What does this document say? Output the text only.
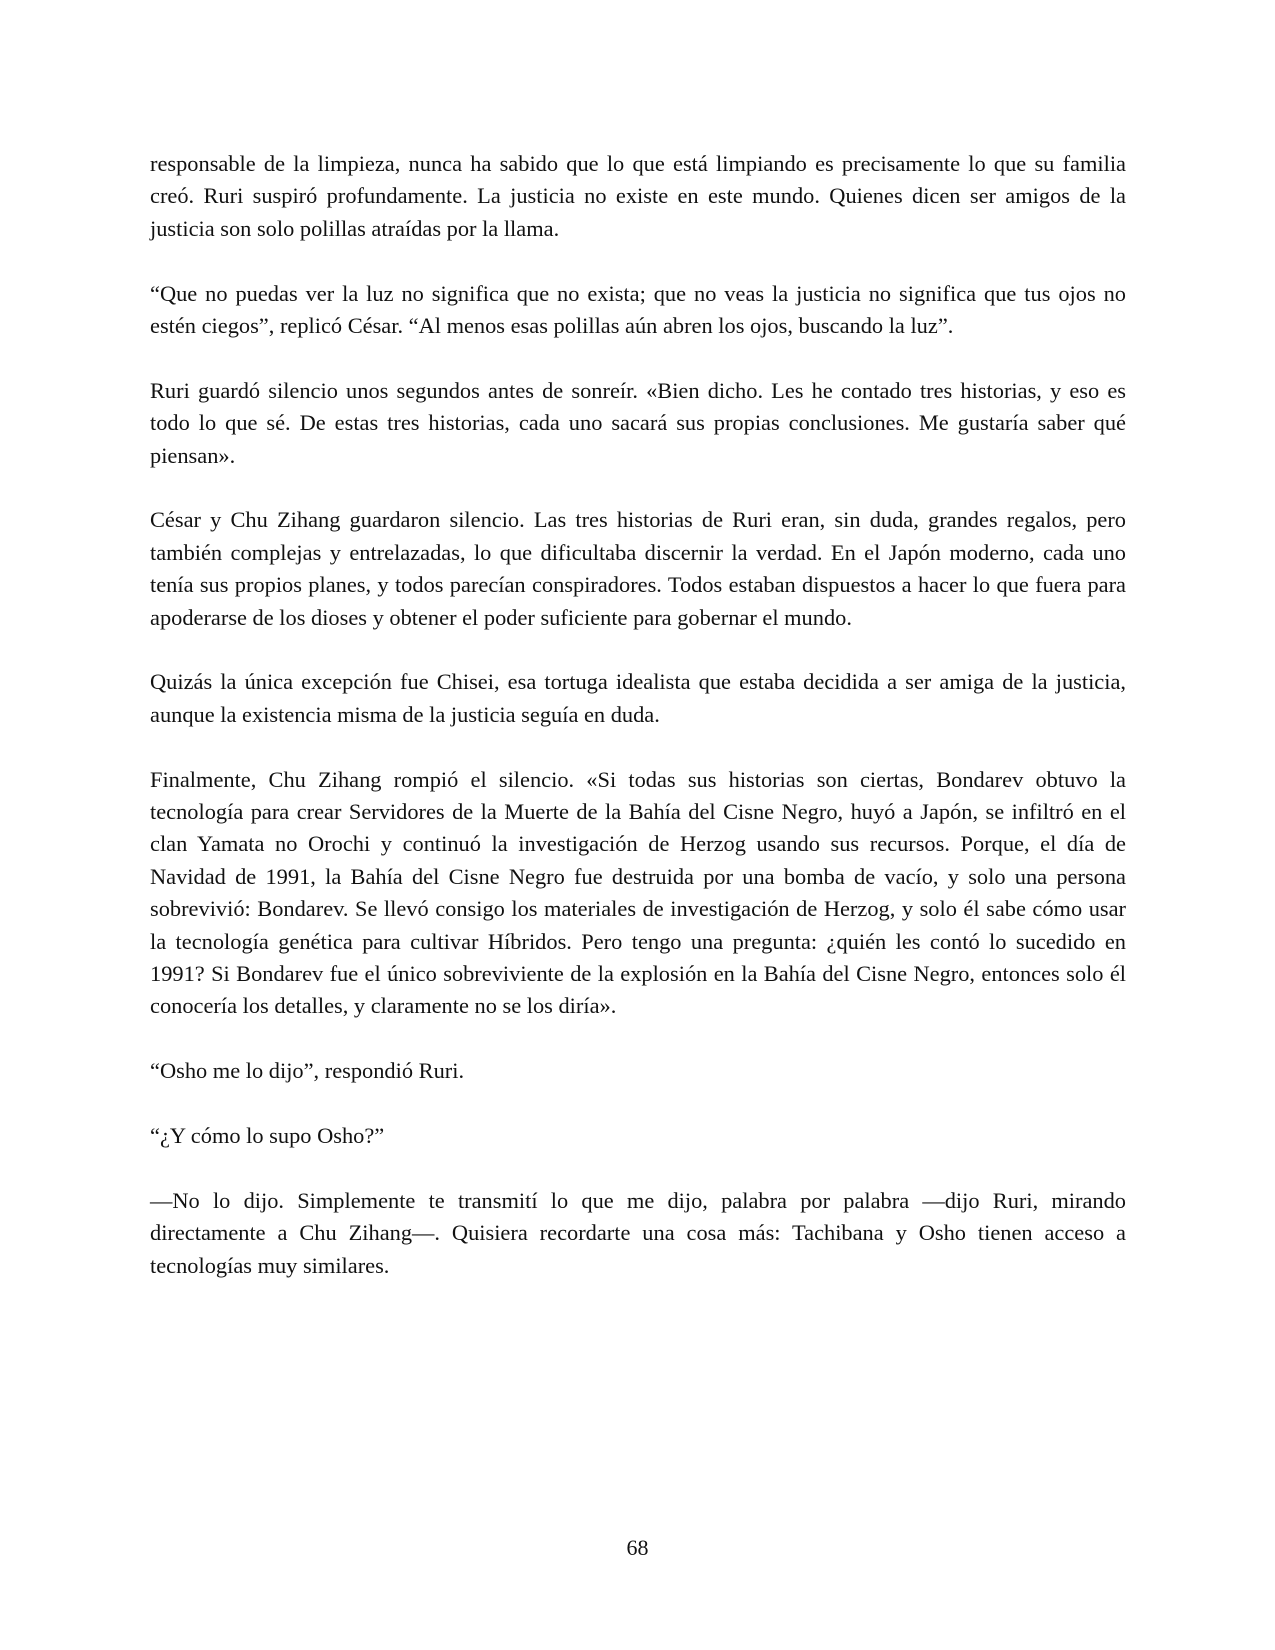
responsable de la limpieza, nunca ha sabido que lo que está limpiando es precisamente lo que su familia creó. Ruri suspiró profundamente. La justicia no existe en este mundo. Quienes dicen ser amigos de la justicia son solo polillas atraídas por la llama.

“Que no puedas ver la luz no significa que no exista; que no veas la justicia no significa que tus ojos no estén ciegos”, replicó César. “Al menos esas polillas aún abren los ojos, buscando la luz”.

Ruri guardó silencio unos segundos antes de sonreír. «Bien dicho. Les he contado tres historias, y eso es todo lo que sé. De estas tres historias, cada uno sacará sus propias conclusiones. Me gustaría saber qué piensan».

César y Chu Zihang guardaron silencio. Las tres historias de Ruri eran, sin duda, grandes regalos, pero también complejas y entrelazadas, lo que dificultaba discernir la verdad. En el Japón moderno, cada uno tenía sus propios planes, y todos parecían conspiradores. Todos estaban dispuestos a hacer lo que fuera para apoderarse de los dioses y obtener el poder suficiente para gobernar el mundo.

Quizás la única excepción fue Chisei, esa tortuga idealista que estaba decidida a ser amiga de la justicia, aunque la existencia misma de la justicia seguía en duda.

Finalmente, Chu Zihang rompió el silencio. «Si todas sus historias son ciertas, Bondarev obtuvo la tecnología para crear Servidores de la Muerte de la Bahía del Cisne Negro, huyó a Japón, se infiltró en el clan Yamata no Orochi y continuó la investigación de Herzog usando sus recursos. Porque, el día de Navidad de 1991, la Bahía del Cisne Negro fue destruida por una bomba de vacío, y solo una persona sobrevivió: Bondarev. Se llevó consigo los materiales de investigación de Herzog, y solo él sabe cómo usar la tecnología genética para cultivar Híbridos. Pero tengo una pregunta: ¿quién les contó lo sucedido en 1991? Si Bondarev fue el único sobreviviente de la explosión en la Bahía del Cisne Negro, entonces solo él conocería los detalles, y claramente no se los diría».

“Osho me lo dijo”, respondió Ruri.

“¿Y cómo lo supo Osho?”

—No lo dijo. Simplemente te transmití lo que me dijo, palabra por palabra —dijo Ruri, mirando directamente a Chu Zihang—. Quisiera recordarte una cosa más: Tachibana y Osho tienen acceso a tecnologías muy similares.

68
